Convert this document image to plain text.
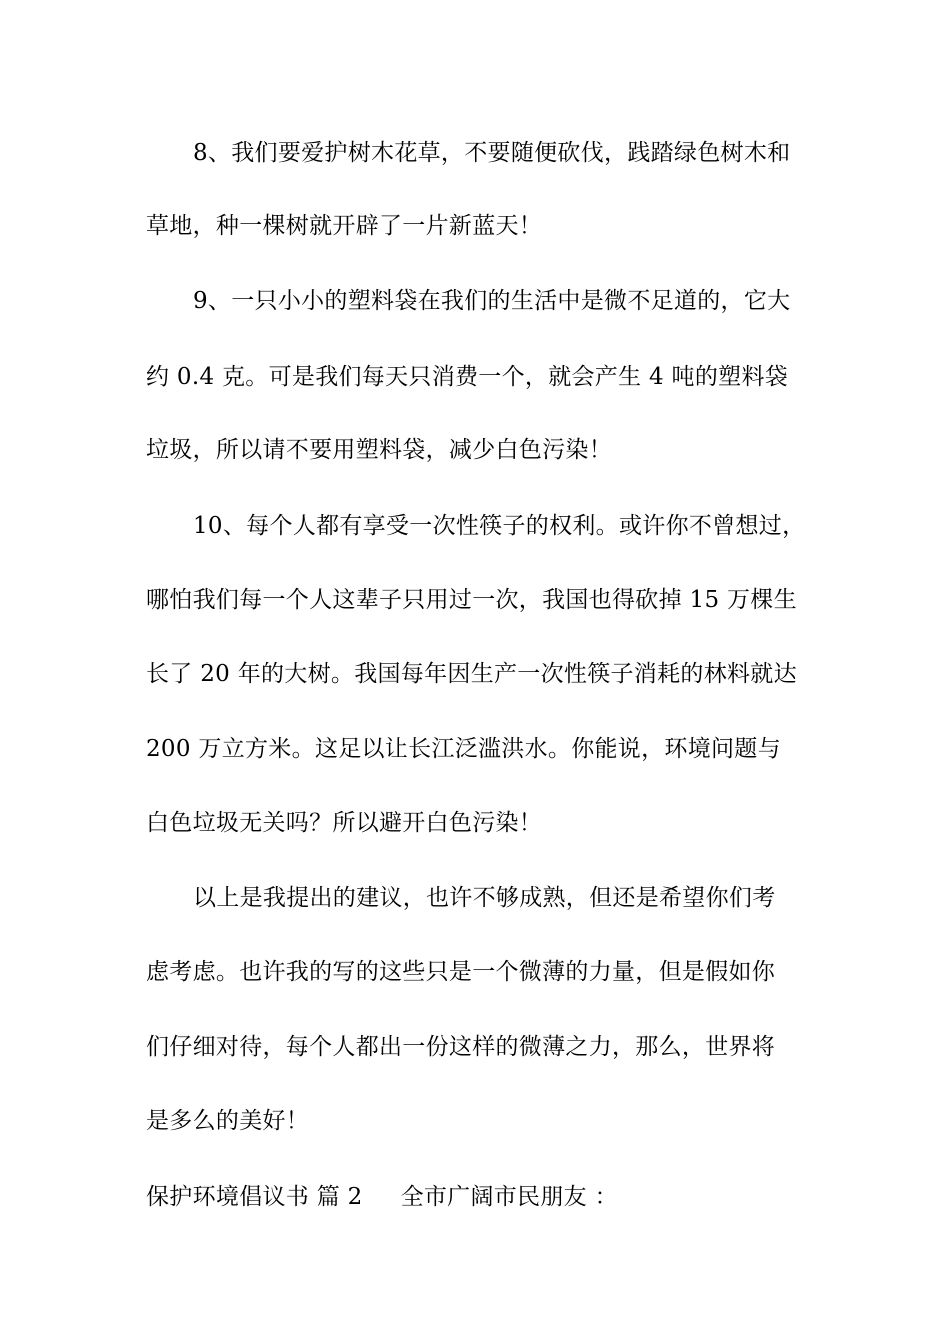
8、我们要爱护树木花草，不要随便砍伐，践踏绿色树木和
草地，种一棵树就开辟了一片新蓝天！
9、一只小小的塑料袋在我们的生活中是微不足道的，它大
约 0.4 克。可是我们每天只消费一个，就会产生 4 吨的塑料袋
垃圾，所以请不要用塑料袋，减少白色污染！
10、每个人都有享受一次性筷子的权利。或许你不曾想过，
哪怕我们每一个人这辈子只用过一次，我国也得砍掉 15 万棵生
长了 20 年的大树。我国每年因生产一次性筷子消耗的林料就达
200 万立方米。这足以让长江泛滥洪水。你能说，环境问题与
白色垃圾无关吗？所以避开白色污染！
以上是我提出的建议，也许不够成熟，但还是希望你们考
虑考虑。也许我的写的这些只是一个微薄的力量，但是假如你
们仔细对待，每个人都出一份这样的微薄之力，那么，世界将
是多么的美好！
保护环境倡议书 篇 2 全市广阔市民朋友 ：
